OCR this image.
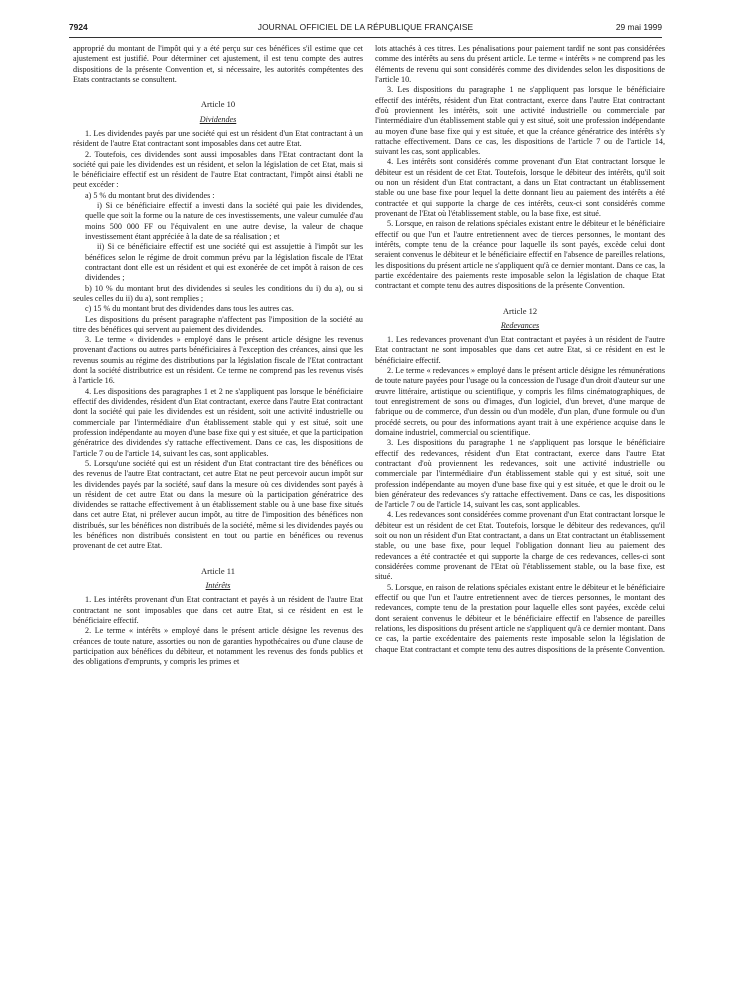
7924	JOURNAL OFFICIEL DE LA RÉPUBLIQUE FRANÇAISE	29 mai 1999

approprié du montant de l'impôt qui y a été perçu sur ces bénéfices s'il estime que cet ajustement est justifié. Pour déterminer cet ajustement, il est tenu compte des autres dispositions de la présente Convention et, si nécessaire, les autorités compétentes des Etats contractants se consultent.

Article 10

Dividendes

1. Les dividendes payés par une société qui est un résident d'un Etat contractant à un résident de l'autre Etat contractant sont imposables dans cet autre Etat.

2. Toutefois, ces dividendes sont aussi imposables dans l'Etat contractant dont la société qui paie les dividendes est un résident, et selon la législation de cet Etat, mais si le bénéficiaire effectif est un résident de l'autre Etat contractant, l'impôt ainsi établi ne peut excéder :

a) 5 % du montant brut des dividendes :

i) Si ce bénéficiaire effectif a investi dans la société qui paie les dividendes, quelle que soit la forme ou la nature de ces investissements, une valeur cumulée d'au moins 500 000 FF ou l'équivalent en une autre devise, la valeur de chaque investissement étant appréciée à la date de sa réalisation ; et

ii) Si ce bénéficiaire effectif est une société qui est assujettie à l'impôt sur les bénéfices selon le régime de droit commun prévu par la législation fiscale de l'Etat contractant dont elle est un résident et qui est exonérée de cet impôt à raison de ces dividendes ;

b) 10 % du montant brut des dividendes si seules les conditions du i) du a), ou si seules celles du ii) du a), sont remplies ;

c) 15 % du montant brut des dividendes dans tous les autres cas.

Les dispositions du présent paragraphe n'affectent pas l'imposition de la société au titre des bénéfices qui servent au paiement des dividendes.

3. Le terme « dividendes » employé dans le présent article désigne les revenus provenant d'actions ou autres parts bénéficiaires à l'exception des créances, ainsi que les revenus soumis au régime des distributions par la législation fiscale de l'Etat contractant dont la société distributrice est un résident. Ce terme ne comprend pas les revenus visés à l'article 16.

4. Les dispositions des paragraphes 1 et 2 ne s'appliquent pas lorsque le bénéficiaire effectif des dividendes, résident d'un Etat contractant, exerce dans l'autre Etat contractant dont la société qui paie les dividendes est un résident, soit une activité industrielle ou commerciale par l'intermédiaire d'un établissement stable qui y est situé, soit une profession indépendante au moyen d'une base fixe qui y est située, et que la participation génératrice des dividendes s'y rattache effectivement. Dans ce cas, les dispositions de l'article 7 ou de l'article 14, suivant les cas, sont applicables.

5. Lorsqu'une société qui est un résident d'un Etat contractant tire des bénéfices ou des revenus de l'autre Etat contractant, cet autre Etat ne peut percevoir aucun impôt sur les dividendes payés par la société, sauf dans la mesure où ces dividendes sont payés à un résident de cet autre Etat ou dans la mesure où la participation génératrice des dividendes se rattache effectivement à un établissement stable ou à une base fixe situés dans cet autre Etat, ni prélever aucun impôt, au titre de l'imposition des bénéfices non distribués, sur les bénéfices non distribués de la société, même si les dividendes payés ou les bénéfices non distribués consistent en tout ou partie en bénéfices ou revenus provenant de cet autre Etat.

Article 11

Intérêts

1. Les intérêts provenant d'un Etat contractant et payés à un résident de l'autre Etat contractant ne sont imposables que dans cet autre Etat, si ce résident en est le bénéficiaire effectif.

2. Le terme « intérêts » employé dans le présent article désigne les revenus des créances de toute nature, assorties ou non de garanties hypothécaires ou d'une clause de participation aux bénéfices du débiteur, et notamment les revenus des fonds publics et des obligations d'emprunts, y compris les primes et

lots attachés à ces titres. Les pénalisations pour paiement tardif ne sont pas considérées comme des intérêts au sens du présent article. Le terme « intérêts » ne comprend pas les éléments de revenu qui sont considérés comme des dividendes selon les dispositions de l'article 10.

3. Les dispositions du paragraphe 1 ne s'appliquent pas lorsque le bénéficiaire effectif des intérêts, résident d'un Etat contractant, exerce dans l'autre Etat contractant d'où proviennent les intérêts, soit une activité industrielle ou commerciale par l'intermédiaire d'un établissement stable qui y est situé, soit une profession indépendante au moyen d'une base fixe qui y est située, et que la créance génératrice des intérêts s'y rattache effectivement. Dans ce cas, les dispositions de l'article 7 ou de l'article 14, suivant les cas, sont applicables.

4. Les intérêts sont considérés comme provenant d'un Etat contractant lorsque le débiteur est un résident de cet Etat. Toutefois, lorsque le débiteur des intérêts, qu'il soit ou non un résident d'un Etat contractant, a dans un Etat contractant un établissement stable ou une base fixe pour lequel la dette donnant lieu au paiement des intérêts a été contractée et qui supporte la charge de ces intérêts, ceux-ci sont considérés comme provenant de l'Etat où l'établissement stable, ou la base fixe, est situé.

5. Lorsque, en raison de relations spéciales existant entre le débiteur et le bénéficiaire effectif ou que l'un et l'autre entretiennent avec de tierces personnes, le montant des intérêts, compte tenu de la créance pour laquelle ils sont payés, excède celui dont seraient convenus le débiteur et le bénéficiaire effectif en l'absence de pareilles relations, les dispositions du présent article ne s'appliquent qu'à ce dernier montant. Dans ce cas, la partie excédentaire des paiements reste imposable selon la législation de chaque Etat contractant et compte tenu des autres dispositions de la présente Convention.

Article 12

Redevances

1. Les redevances provenant d'un Etat contractant et payées à un résident de l'autre Etat contractant ne sont imposables que dans cet autre Etat, si ce résident en est le bénéficiaire effectif.

2. Le terme « redevances » employé dans le présent article désigne les rémunérations de toute nature payées pour l'usage ou la concession de l'usage d'un droit d'auteur sur une œuvre littéraire, artistique ou scientifique, y compris les films cinématographiques, de tout enregistrement de sons ou d'images, d'un logiciel, d'un brevet, d'une marque de fabrique ou de commerce, d'un dessin ou d'un modèle, d'un plan, d'une formule ou d'un procédé secrets, ou pour des informations ayant trait à une expérience acquise dans le domaine industriel, commercial ou scientifique.

3. Les dispositions du paragraphe 1 ne s'appliquent pas lorsque le bénéficiaire effectif des redevances, résident d'un Etat contractant, exerce dans l'autre Etat contractant d'où proviennent les redevances, soit une activité industrielle ou commerciale par l'intermédiaire d'un établissement stable qui y est situé, soit une profession indépendante au moyen d'une base fixe qui y est située, et que le droit ou le bien générateur des redevances s'y rattache effectivement. Dans ce cas, les dispositions de l'article 7 ou de l'article 14, suivant les cas, sont applicables.

4. Les redevances sont considérées comme provenant d'un Etat contractant lorsque le débiteur est un résident de cet Etat. Toutefois, lorsque le débiteur des redevances, qu'il soit ou non un résident d'un Etat contractant, a dans un Etat contractant un établissement stable, ou une base fixe, pour lequel l'obligation donnant lieu au paiement des redevances a été contractée et qui supporte la charge de ces redevances, celles-ci sont considérées comme provenant de l'Etat où l'établissement stable, ou la base fixe, est situé.

5. Lorsque, en raison de relations spéciales existant entre le débiteur et le bénéficiaire effectif ou que l'un et l'autre entretiennent avec de tierces personnes, le montant des redevances, compte tenu de la prestation pour laquelle elles sont payées, excède celui dont seraient convenus le débiteur et le bénéficiaire effectif en l'absence de pareilles relations, les dispositions du présent article ne s'appliquent qu'à ce dernier montant. Dans ce cas, la partie excédentaire des paiements reste imposable selon la législation de chaque Etat contractant et compte tenu des autres dispositions de la présente Convention.
